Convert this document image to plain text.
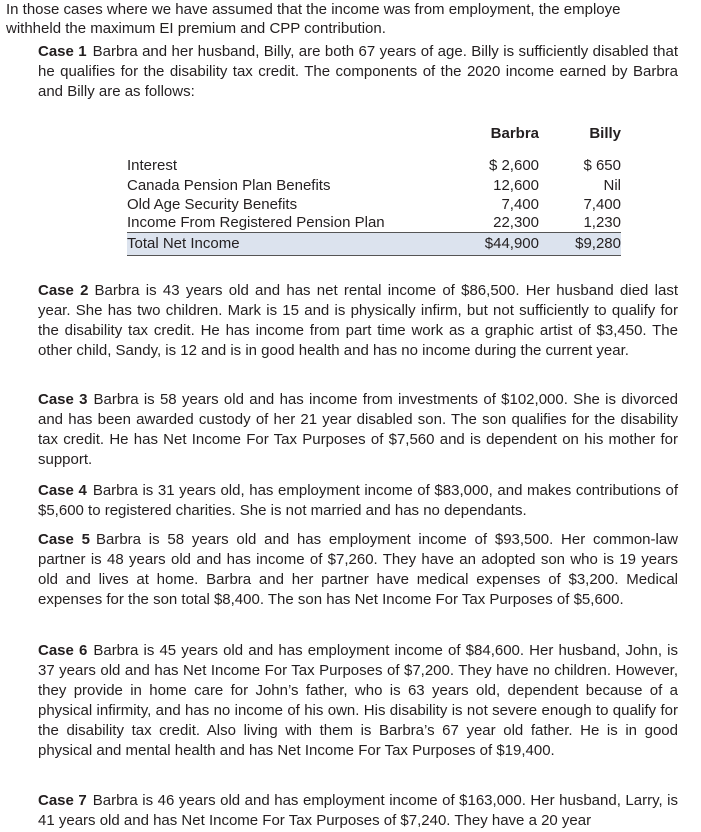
In those cases where we have assumed that the income was from employment, the employe
withheld the maximum EI premium and CPP contribution.
Case 1 Barbra and her husband, Billy, are both 67 years of age. Billy is sufficiently disabled that he qualifies for the disability tax credit. The components of the 2020 income earned by Barbra and Billy are as follows:
	Barbra	Billy

Interest	$ 2,600	$ 650
Canada Pension Plan Benefits	12,600	Nil
Old Age Security Benefits	7,400	7,400
Income From Registered Pension Plan	22,300	1,230
Total Net Income	$44,900	$9,280
Case 2 Barbra is 43 years old and has net rental income of $86,500. Her husband died last year. She has two children. Mark is 15 and is physically infirm, but not sufficiently to qualify for the disability tax credit. He has income from part time work as a graphic artist of $3,450. The other child, Sandy, is 12 and is in good health and has no income during the current year.
Case 3 Barbra is 58 years old and has income from investments of $102,000. She is divorced and has been awarded custody of her 21 year disabled son. The son qualifies for the disability tax credit. He has Net Income For Tax Purposes of $7,560 and is dependent on his mother for support.
Case 4 Barbra is 31 years old, has employment income of $83,000, and makes contributions of $5,600 to registered charities. She is not married and has no dependants.
Case 5 Barbra is 58 years old and has employment income of $93,500. Her common-law partner is 48 years old and has income of $7,260. They have an adopted son who is 19 years old and lives at home. Barbra and her partner have medical expenses of $3,200. Medical expenses for the son total $8,400. The son has Net Income For Tax Purposes of $5,600.
Case 6 Barbra is 45 years old and has employment income of $84,600. Her husband, John, is 37 years old and has Net Income For Tax Purposes of $7,200. They have no children. However, they provide in home care for John’s father, who is 63 years old, dependent because of a physical infirmity, and has no income of his own. His disability is not severe enough to qualify for the disability tax credit. Also living with them is Barbra’s 67 year old father. He is in good physical and mental health and has Net Income For Tax Purposes of $19,400.
Case 7 Barbra is 46 years old and has employment income of $163,000. Her husband, Larry, is 41 years old and has Net Income For Tax Purposes of $7,240. They have a 20 year
